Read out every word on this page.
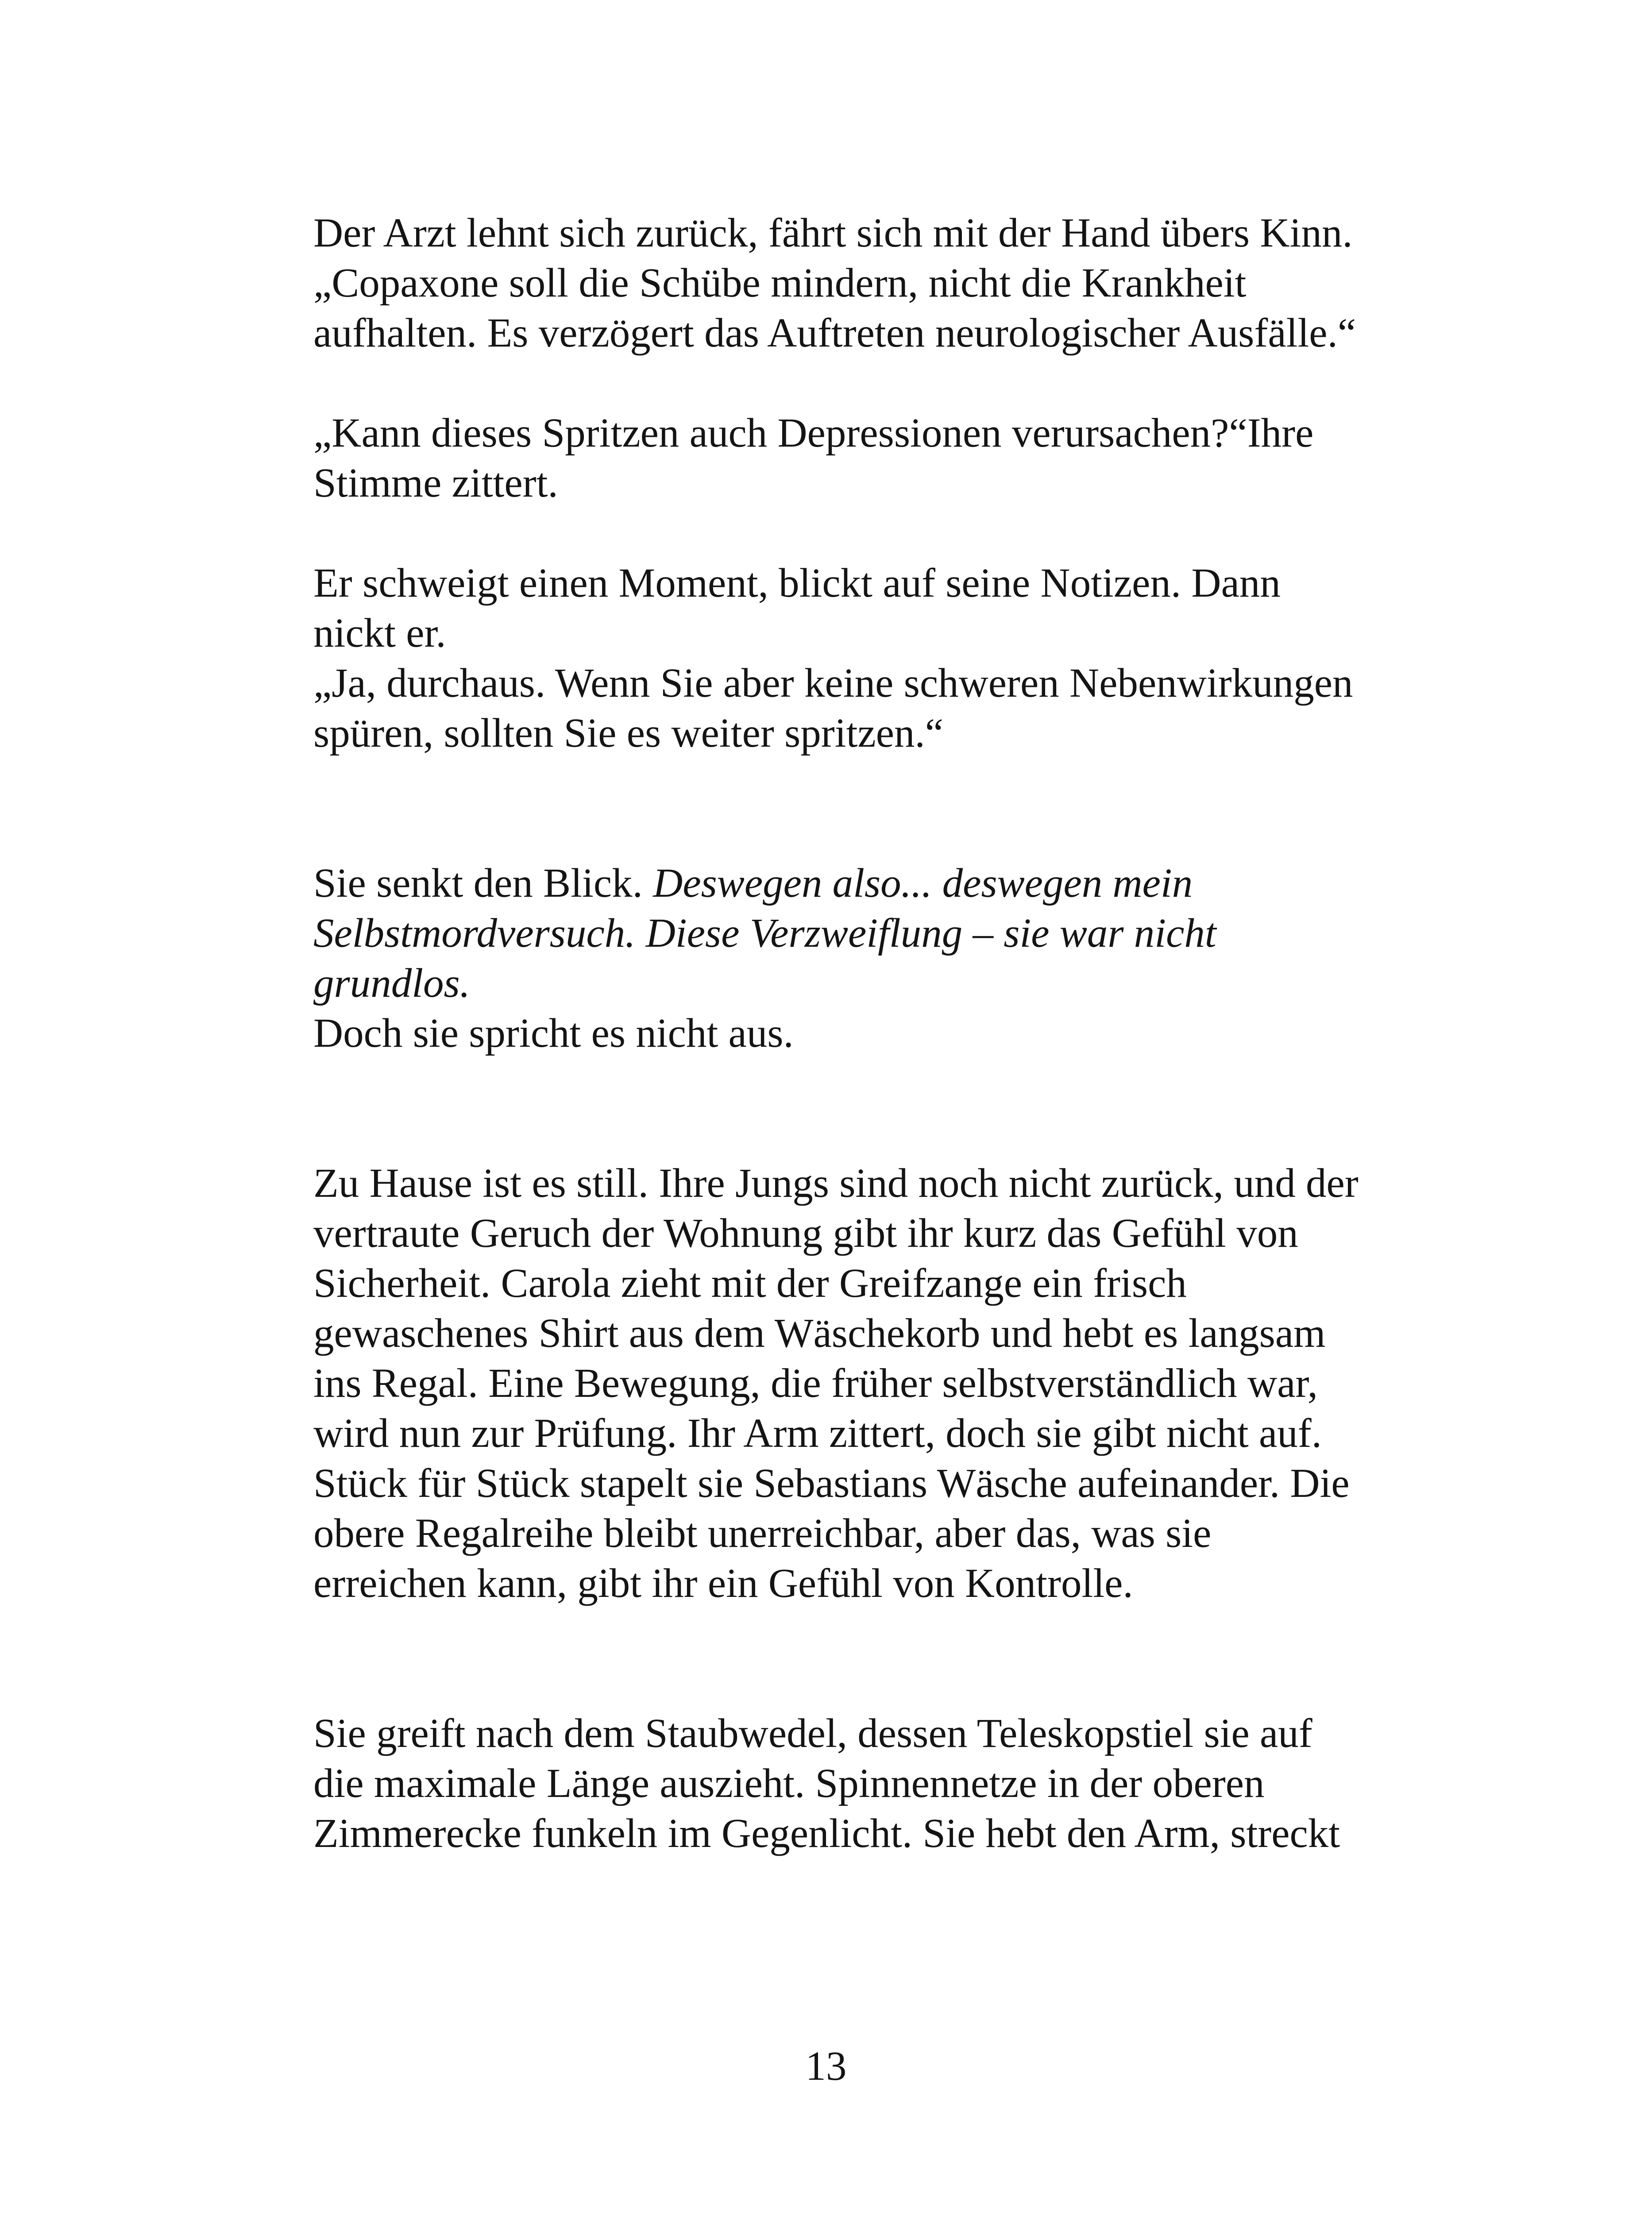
Der Arzt lehnt sich zurück, fährt sich mit der Hand übers Kinn.
„Copaxone soll die Schübe mindern, nicht die Krankheit
aufhalten. Es verzögert das Auftreten neurologischer Ausfälle.“
„Kann dieses Spritzen auch Depressionen verursachen?“Ihre
Stimme zittert.
Er schweigt einen Moment, blickt auf seine Notizen. Dann
nickt er.
„Ja, durchaus. Wenn Sie aber keine schweren Nebenwirkungen
spüren, sollten Sie es weiter spritzen.“
Sie senkt den Blick. Deswegen also... deswegen mein
Selbstmordversuch. Diese Verzweiflung – sie war nicht
grundlos.
Doch sie spricht es nicht aus.
Zu Hause ist es still. Ihre Jungs sind noch nicht zurück, und der
vertraute Geruch der Wohnung gibt ihr kurz das Gefühl von
Sicherheit. Carola zieht mit der Greifzange ein frisch
gewaschenes Shirt aus dem Wäschekorb und hebt es langsam
ins Regal. Eine Bewegung, die früher selbstverständlich war,
wird nun zur Prüfung. Ihr Arm zittert, doch sie gibt nicht auf.
Stück für Stück stapelt sie Sebastians Wäsche aufeinander. Die
obere Regalreihe bleibt unerreichbar, aber das, was sie
erreichen kann, gibt ihr ein Gefühl von Kontrolle.
Sie greift nach dem Staubwedel, dessen Teleskopstiel sie auf
die maximale Länge auszieht. Spinnennetze in der oberen
Zimmerecke funkeln im Gegenlicht. Sie hebt den Arm, streckt
13
